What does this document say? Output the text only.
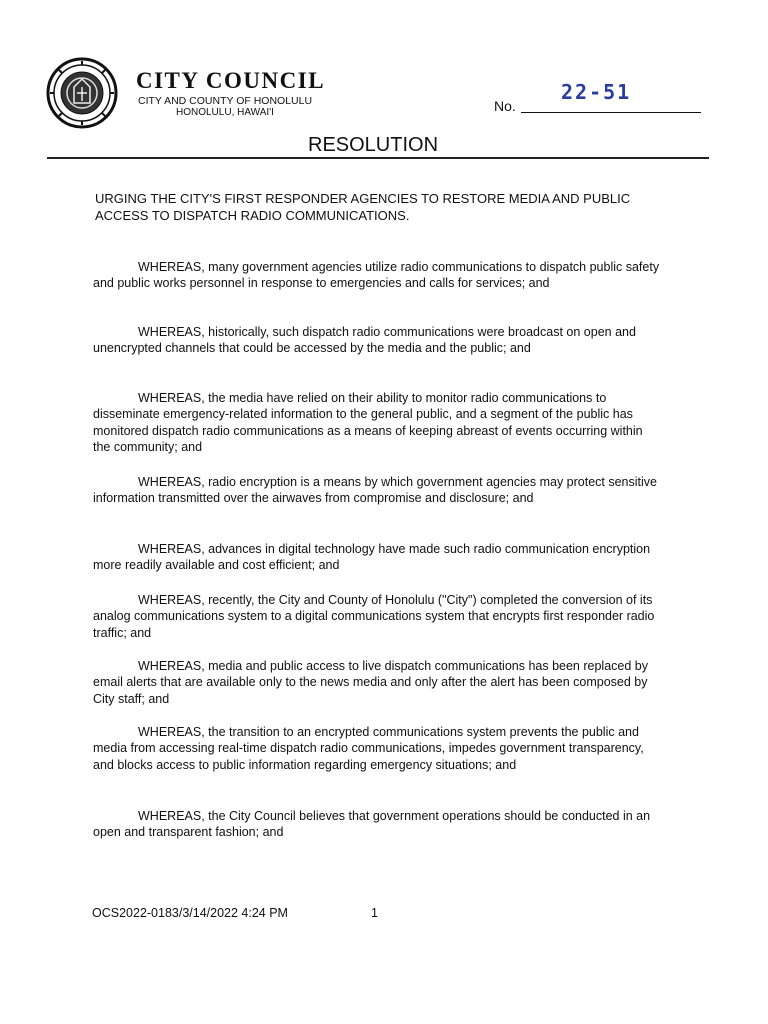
CITY COUNCIL
CITY AND COUNTY OF HONOLULU
HONOLULU, HAWAI'I	No.
22-51
RESOLUTION
URGING THE CITY'S FIRST RESPONDER AGENCIES TO RESTORE MEDIA AND PUBLIC ACCESS TO DISPATCH RADIO COMMUNICATIONS.

WHEREAS, many government agencies utilize radio communications to dispatch public safety and public works personnel in response to emergencies and calls for services; and

WHEREAS, historically, such dispatch radio communications were broadcast on open and unencrypted channels that could be accessed by the media and the public; and

WHEREAS, the media have relied on their ability to monitor radio communications to disseminate emergency-related information to the general public, and a segment of the public has monitored dispatch radio communications as a means of keeping abreast of events occurring within the community; and

WHEREAS, radio encryption is a means by which government agencies may protect sensitive information transmitted over the airwaves from compromise and disclosure; and

WHEREAS, advances in digital technology have made such radio communication encryption more readily available and cost efficient; and

WHEREAS, recently, the City and County of Honolulu ("City") completed the conversion of its analog communications system to a digital communications system that encrypts first responder radio traffic; and

WHEREAS, media and public access to live dispatch communications has been replaced by email alerts that are available only to the news media and only after the alert has been composed by City staff; and

WHEREAS, the transition to an encrypted communications system prevents the public and media from accessing real-time dispatch radio communications, impedes government transparency, and blocks access to public information regarding emergency situations; and

WHEREAS, the City Council believes that government operations should be conducted in an open and transparent fashion; and

OCS2022-0183/3/14/2022 4:24 PM	1
